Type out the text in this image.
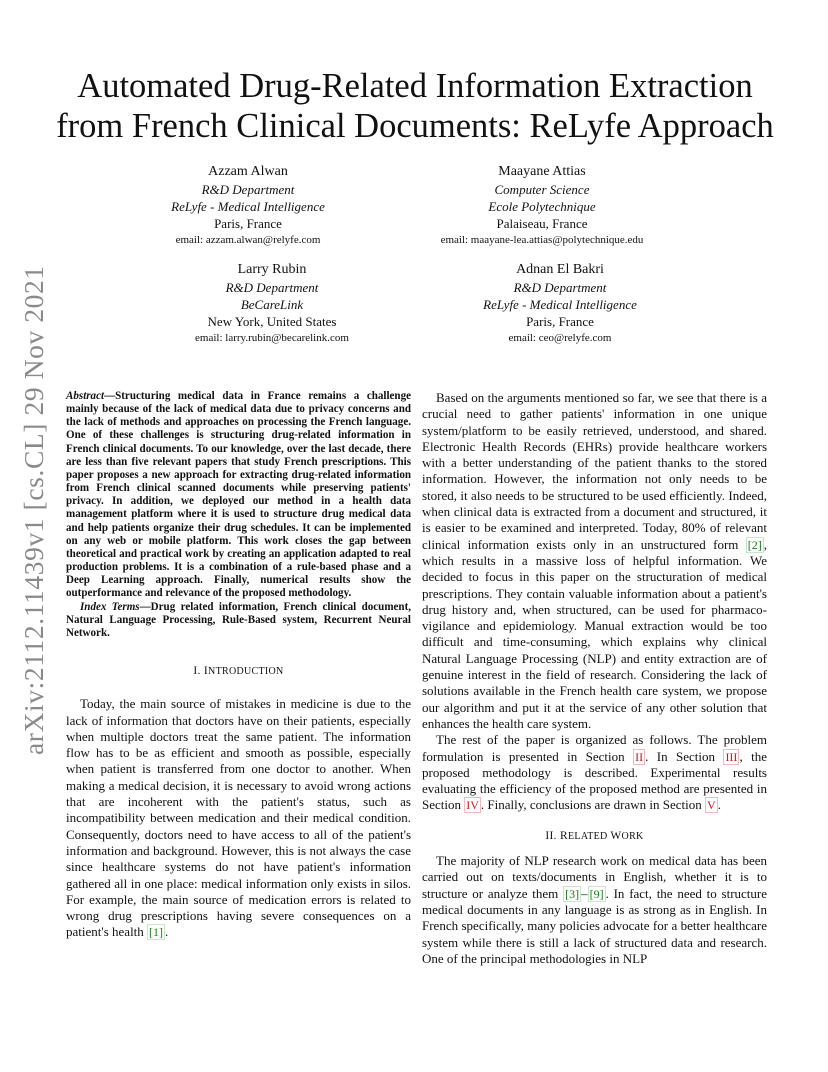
arXiv:2112.11439v1 [cs.CL] 29 Nov 2021
Automated Drug-Related Information Extraction
from French Clinical Documents: ReLyfe Approach
Azzam Alwan
R&D Department
ReLyfe - Medical Intelligence
Paris, France
email: azzam.alwan@relyfe.com
Maayane Attias
Computer Science
Ecole Polytechnique
Palaiseau, France
email: maayane-lea.attias@polytechnique.edu
Larry Rubin
R&D Department
BeCareLink
New York, United States
email: larry.rubin@becarelink.com
Adnan El Bakri
R&D Department
ReLyfe - Medical Intelligence
Paris, France
email: ceo@relyfe.com

Abstract—Structuring medical data in France remains a challenge mainly because of the lack of medical data due to privacy concerns and the lack of methods and approaches on processing the French language. One of these challenges is structuring drug-related information in French clinical documents. To our knowledge, over the last decade, there are less than five relevant papers that study French prescriptions. This paper proposes a new approach for extracting drug-related information from French clinical scanned documents while preserving patients' privacy. In addition, we deployed our method in a health data management platform where it is used to structure drug medical data and help patients organize their drug schedules. It can be implemented on any web or mobile platform. This work closes the gap between theoretical and practical work by creating an application adapted to real production problems. It is a combination of a rule-based phase and a Deep Learning approach. Finally, numerical results show the outperformance and relevance of the proposed methodology.

Index Terms—Drug related information, French clinical document, Natural Language Processing, Rule-Based system, Recurrent Neural Network.

I. INTRODUCTION

Today, the main source of mistakes in medicine is due to the lack of information that doctors have on their patients, especially when multiple doctors treat the same patient. The information flow has to be as efficient and smooth as possible, especially when patient is transferred from one doctor to another. When making a medical decision, it is necessary to avoid wrong actions that are incoherent with the patient's status, such as incompatibility between medication and their medical condition. Consequently, doctors need to have access to all of the patient's information and background. However, this is not always the case since healthcare systems do not have patient's information gathered all in one place: medical information only exists in silos. For example, the main source of medication errors is related to wrong drug prescriptions having severe consequences on a patient's health [1] .

Based on the arguments mentioned so far, we see that there is a crucial need to gather patients' information in one unique system/platform to be easily retrieved, understood, and shared. Electronic Health Records (EHRs) provide healthcare workers with a better understanding of the patient thanks to the stored information. However, the information not only needs to be stored, it also needs to be structured to be used efficiently. Indeed, when clinical data is extracted from a document and structured, it is easier to be examined and interpreted. Today, 80% of relevant clinical information exists only in an unstructured form [2] , which results in a massive loss of helpful information. We decided to focus in this paper on the structuration of medical prescriptions. They contain valuable information about a patient's drug history and, when structured, can be used for pharmaco-vigilance and epidemiology. Manual extraction would be too difficult and time-consuming, which explains why clinical Natural Language Processing (NLP) and entity extraction are of genuine interest in the field of research. Considering the lack of solutions available in the French health care system, we propose our algorithm and put it at the service of any other solution that enhances the health care system.

The rest of the paper is organized as follows. The problem formulation is presented in Section II . In Section III , the proposed methodology is described. Experimental results evaluating the efficiency of the proposed method are presented in Section IV . Finally, conclusions are drawn in Section V .

II. RELATED WORK

The majority of NLP research work on medical data has been carried out on texts/documents in English, whether it is to structure or analyze them [3] – [9] . In fact, the need to structure medical documents in any language is as strong as in English. In French specifically, many policies advocate for a better healthcare system while there is still a lack of structured data and research. One of the principal methodologies in NLP
